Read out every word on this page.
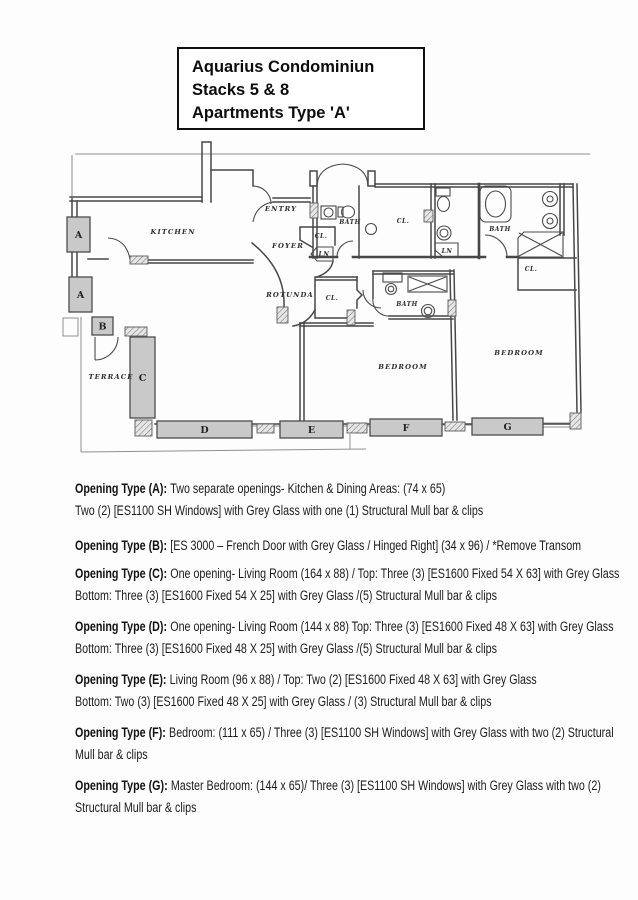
Aquarius Condominiun
Stacks 5 & 8
Apartments Type 'A'
A
A
B
C
D	E	F	G
KITCHEN
ENTRY
FOYER
ROTUNDA
TERRACE
BEDROOM
BEDROOM
BATH
BATH
BATH
CL.
CL.
CL.
CL.
LN	LN

Opening Type (A): Two separate openings- Kitchen & Dining Areas: (74 x 65)
Two (2) [ES1100 SH Windows] with Grey Glass with one (1) Structural Mull bar & clips

Opening Type (B): [ES 3000 – French Door with Grey Glass / Hinged Right] (34 x 96) / *Remove Transom

Opening Type (C): One opening- Living Room (164 x 88) / Top: Three (3) [ES1600 Fixed 54 X 63] with Grey Glass
Bottom: Three (3) [ES1600 Fixed 54 X 25] with Grey Glass /(5) Structural Mull bar & clips

Opening Type (D): One opening- Living Room (144 x 88) Top: Three (3) [ES1600 Fixed 48 X 63] with Grey Glass
Bottom: Three (3) [ES1600 Fixed 48 X 25] with Grey Glass /(5) Structural Mull bar & clips

Opening Type (E): Living Room (96 x 88) / Top: Two (2) [ES1600 Fixed 48 X 63] with Grey Glass
Bottom: Two (3) [ES1600 Fixed 48 X 25] with Grey Glass / (3) Structural Mull bar & clips

Opening Type (F): Bedroom: (111 x 65) / Three (3) [ES1100 SH Windows] with Grey Glass with two (2) Structural
Mull bar & clips

Opening Type (G): Master Bedroom: (144 x 65)/ Three (3) [ES1100 SH Windows] with Grey Glass with two (2)
Structural Mull bar & clips
